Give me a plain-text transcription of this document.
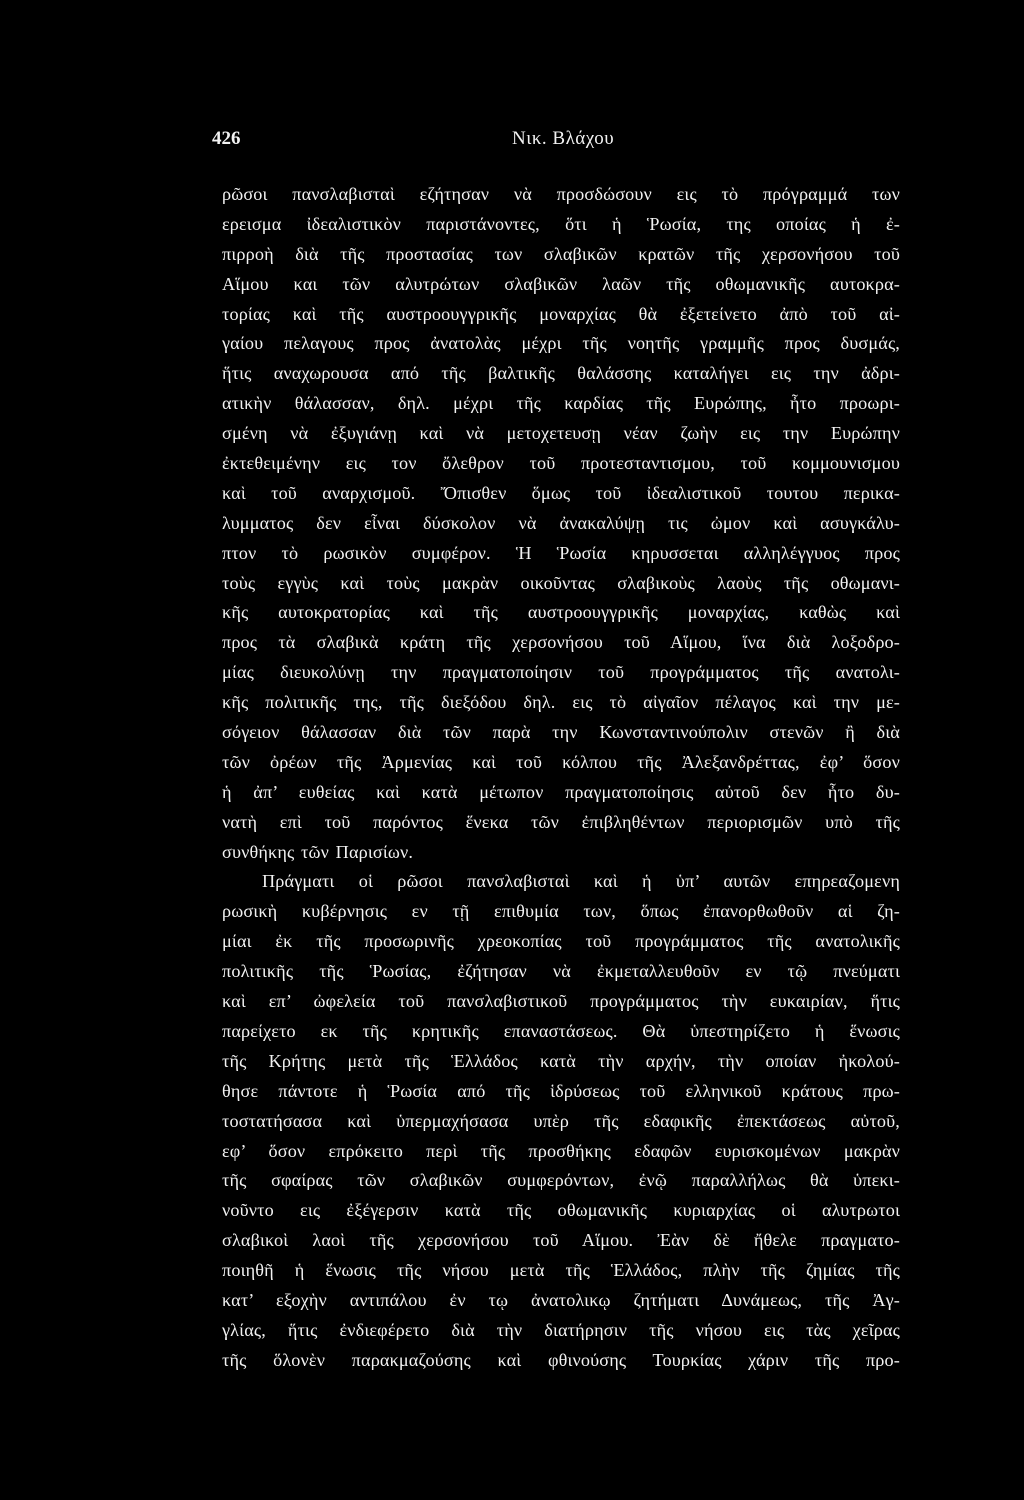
426	Νικ. Βλάχου
ρῶσοι πανσλαβισταὶ εζήτησαν νὰ προσδώσουν εις τὸ πρόγραμμά των
ερεισμα ἰδεαλιστικὸν παριστάνοντες, ὅτι ἡ Ῥωσία, της οποίας ἡ ἐ-
πιρροὴ διὰ τῆς προστασίας των σλαβικῶν κρατῶν τῆς χερσονήσου τοῦ
Αἵμου και τῶν αλυτρώτων σλαβικῶν λαῶν τῆς οθωμανικῆς αυτοκρα-
τορίας καὶ τῆς αυστροουγγρικῆς μοναρχίας θὰ ἐξετείνετο ἀπὸ τοῦ αἰ-
γαίου πελαγους προς ἀνατολὰς μέχρι τῆς νοητῆς γραμμῆς προς δυσμάς,
ἥτις αναχωρουσα από τῆς βαλτικῆς θαλάσσης καταλήγει εις την ἀδρι-
ατικὴν θάλασσαν, δηλ. μέχρι τῆς καρδίας τῆς Ευρώπης, ἦτο προωρι-
σμένη νὰ ἐξυγιάνῃ καὶ νὰ μετοχετευσῃ νέαν ζωὴν εις την Ευρώπην
ἐκτεθειμένην εις τον ὄλεθρον τοῦ προτεσταντισμου, τοῦ κομμουνισμου
καὶ τοῦ αναρχισμοῦ. Ὄπισθεν ὅμως τοῦ ἰδεαλιστικοῦ τουτου περικα-
λυμματος δεν εἶναι δύσκολον νὰ ἀνακαλύψῃ τις ὠμον καὶ ασυγκάλυ-
πτον τὸ ρωσικὸν συμφέρον. Ἡ Ῥωσία κηρυσσεται αλληλέγγυος προς
τοὺς εγγὺς καὶ τοὺς μακρὰν οικοῦντας σλαβικοὺς λαοὺς τῆς οθωμανι-
κῆς αυτοκρατορίας καὶ τῆς αυστροουγγρικῆς μοναρχίας, καθὼς καὶ
προς τὰ σλαβικὰ κράτη τῆς χερσονήσου τοῦ Αἵμου, ἵνα διὰ λοξοδρο-
μίας διευκολύνῃ την πραγματοποίησιν τοῦ προγράμματος τῆς ανατολι-
κῆς πολιτικῆς της, τῆς διεξόδου δηλ. εις τὸ αἰγαῖον πέλαγος καὶ την με-
σόγειον θάλασσαν διὰ τῶν παρὰ την Κωνσταντινούπολιν στενῶν ἢ διὰ
τῶν ὀρέων τῆς Ἀρμενίας καὶ τοῦ κόλπου τῆς Ἀλεξανδρέττας, ἐφ’ ὅσον
ἡ ἀπ’ ευθείας καὶ κατὰ μέτωπον πραγματοποίησις αὐτοῦ δεν ἦτο δυ-
νατὴ επὶ τοῦ παρόντος ἕνεκα τῶν ἐπιβληθέντων περιορισμῶν υπὸ τῆς
συνθήκης τῶν Παρισίων.
Πράγματι οἱ ρῶσοι πανσλαβισταὶ καὶ ἡ ὑπ’ αυτῶν επηρεαζομενη
ρωσικὴ κυβέρνησις εν τῇ επιθυμία των, ὅπως ἐπανορθωθοῦν αἱ ζη-
μίαι ἐκ τῆς προσωρινῆς χρεοκοπίας τοῦ προγράμματος τῆς ανατολικῆς
πολιτικῆς τῆς Ῥωσίας, ἐζήτησαν νὰ ἐκμεταλλευθοῦν εν τῷ πνεύματι
καὶ επ’ ὠφελεία τοῦ πανσλαβιστικοῦ προγράμματος τὴν ευκαιρίαν, ἥτις
παρείχετο εκ τῆς κρητικῆς επαναστάσεως. Θὰ ὑπεστηρίζετο ἡ ἕνωσις
τῆς Κρήτης μετὰ τῆς Ἑλλάδος κατὰ τὴν αρχήν, τὴν οποίαν ἠκολού-
θησε πάντοτε ἡ Ῥωσία από τῆς ἱδρύσεως τοῦ ελληνικοῦ κράτους πρω-
τοστατήσασα καὶ ὑπερμαχήσασα υπὲρ τῆς εδαφικῆς ἐπεκτάσεως αὐτοῦ,
εφ’ ὅσον επρόκειτο περὶ τῆς προσθήκης εδαφῶν ευρισκομένων μακρὰν
τῆς σφαίρας τῶν σλαβικῶν συμφερόντων, ἐνῷ παραλλήλως θὰ ὑπεκι-
νοῦντο εις ἐξέγερσιν κατὰ τῆς οθωμανικῆς κυριαρχίας οἱ αλυτρωτοι
σλαβικοὶ λαοὶ τῆς χερσονήσου τοῦ Αἵμου. Ἐὰν δὲ ἤθελε πραγματο-
ποιηθῆ ἡ ἕνωσις τῆς νήσου μετὰ τῆς Ἑλλάδος, πλὴν τῆς ζημίας τῆς
κατ’ εξοχὴν αντιπάλου ἐν τῳ ἀνατολικῳ ζητήματι Δυνάμεως, τῆς Ἀγ-
γλίας, ἥτις ἐνδιεφέρετο διὰ τὴν διατήρησιν τῆς νήσου εις τὰς χεῖρας
τῆς ὅλονὲν παρακμαζούσης καὶ φθινούσης Τουρκίας χάριν τῆς προ-
